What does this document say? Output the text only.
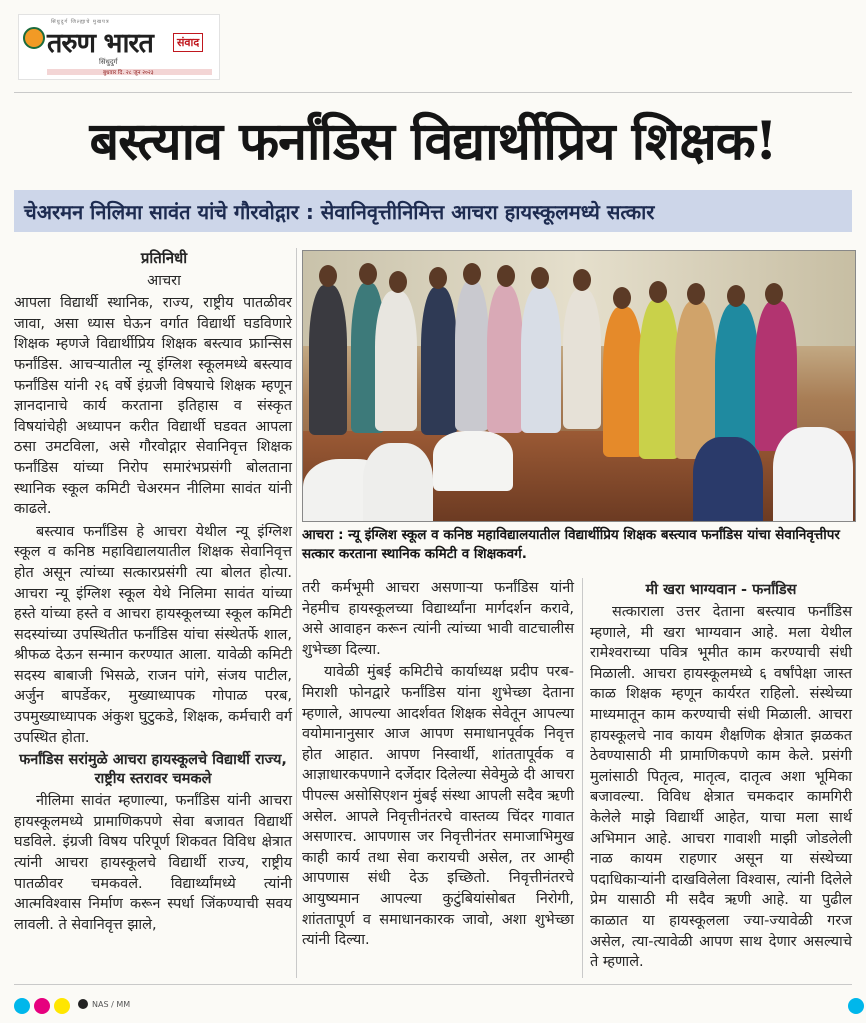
सिंधुदुर्ग जिल्ह्याचे मुखपत्र
तरुण भारत	संवाद
सिंधुदुर्ग
बुधवार दि. २८ जून २०२३
बस्त्याव फर्नांडिस विद्यार्थीप्रिय शिक्षक!
चेअरमन निलिमा सावंत यांचे गौरवोद्गार : सेवानिवृत्तीनिमित्त आचरा हायस्कूलमध्ये सत्कार

प्रतिनिधी

आचरा

आपला विद्यार्थी स्थानिक, राज्य, राष्ट्रीय पातळीवर जावा, असा ध्यास घेऊन वर्गात विद्यार्थी घडविणारे शिक्षक म्हणजे विद्यार्थीप्रिय शिक्षक बस्त्याव फ्रान्सिस फर्नांडिस. आचऱ्यातील न्यू इंग्लिश स्कूलमध्ये बस्त्याव फर्नांडिस यांनी २६ वर्षे इंग्रजी विषयाचे शिक्षक म्हणून ज्ञानदानाचे कार्य करताना इतिहास व संस्कृत विषयांचेही अध्यापन करीत विद्यार्थी घडवत आपला ठसा उमटविला, असे गौरवोद्गार सेवानिवृत्त शिक्षक फर्नांडिस यांच्या निरोप समारंभप्रसंगी बोलताना स्थानिक स्कूल कमिटी चेअरमन नीलिमा सावंत यांनी काढले.

बस्त्याव फर्नांडिस हे आचरा येथील न्यू इंग्लिश स्कूल व कनिष्ठ महाविद्यालयातील शिक्षक सेवानिवृत्त होत असून त्यांच्या सत्कारप्रसंगी त्या बोलत होत्या. आचरा न्यू इंग्लिश स्कूल येथे निलिमा सावंत यांच्या हस्ते यांच्या हस्ते व आचरा हायस्कूलच्या स्कूल कमिटी सदस्यांच्या उपस्थितीत फर्नांडिस यांचा संस्थेतर्फे शाल, श्रीफळ देऊन सन्मान करण्यात आला. यावेळी कमिटी सदस्य बाबाजी भिसळे, राजन पांगे, संजय पाटील, अर्जुन बापर्डेकर, मुख्याध्यापक गोपाळ परब, उपमुख्याध्यापक अंकुश घुटुकडे, शिक्षक, कर्मचारी वर्ग उपस्थित होता.

फर्नांडिस सरांमुळे आचरा हायस्कूलचे विद्यार्थी राज्य, राष्ट्रीय स्तरावर चमकले

नीलिमा सावंत म्हणाल्या, फर्नांडिस यांनी आचरा हायस्कूलमध्ये प्रामाणिकपणे सेवा बजावत विद्यार्थी घडविले. इंग्रजी विषय परिपूर्ण शिकवत विविध क्षेत्रात त्यांनी आचरा हायस्कूलचे विद्यार्थी राज्य, राष्ट्रीय पातळीवर चमकवले. विद्यार्थ्यांमध्ये त्यांनी आत्मविश्वास निर्माण करून स्पर्धा जिंकण्याची सवय लावली. ते सेवानिवृत्त झाले,

आचरा : न्यू इंग्लिश स्कूल व कनिष्ठ महाविद्यालयातील विद्यार्थीप्रिय शिक्षक बस्त्याव फर्नांडिस यांचा सेवानिवृत्तीपर सत्कार करताना स्थानिक कमिटी व शिक्षकवर्ग.

तरी कर्मभूमी आचरा असणाऱ्या फर्नांडिस यांनी नेहमीच हायस्कूलच्या विद्यार्थ्यांना मार्गदर्शन करावे, असे आवाहन करून त्यांनी त्यांच्या भावी वाटचालीस शुभेच्छा दिल्या.

यावेळी मुंबई कमिटीचे कार्याध्यक्ष प्रदीप परब-मिराशी फोनद्वारे फर्नांडिस यांना शुभेच्छा देताना म्हणाले, आपल्या आदर्शवत शिक्षक सेवेतून आपल्या वयोमानानुसार आज आपण समाधानपूर्वक निवृत्त होत आहात. आपण निस्वार्थी, शांततापूर्वक व आज्ञाधारकपणाने दर्जेदार दिलेल्या सेवेमुळे दी आचरा पीपल्स असोसिएशन मुंबई संस्था आपली सदैव ऋणी असेल. आपले निवृत्तीनंतरचे वास्तव्य चिंदर गावात असणारच. आपणास जर निवृत्तीनंतर समाजाभिमुख काही कार्य तथा सेवा करायची असेल, तर आम्ही आपणास संधी देऊ इच्छितो. निवृत्तीनंतरचे आयुष्यमान आपल्या कुटुंबियांसोबत निरोगी, शांततापूर्ण व समाधानकारक जावो, अशा शुभेच्छा त्यांनी दिल्या.

मी खरा भाग्यवान - फर्नांडिस

सत्काराला उत्तर देताना बस्त्याव फर्नांडिस म्हणाले, मी खरा भाग्यवान आहे. मला येथील रामेश्वराच्या पवित्र भूमीत काम करण्याची संधी मिळाली. आचरा हायस्कूलमध्ये ६ वर्षांपेक्षा जास्त काळ शिक्षक म्हणून कार्यरत राहिलो. संस्थेच्या माध्यमातून काम करण्याची संधी मिळाली. आचरा हायस्कूलचे नाव कायम शैक्षणिक क्षेत्रात झळकत ठेवण्यासाठी मी प्रामाणिकपणे काम केले. प्रसंगी मुलांसाठी पितृत्व, मातृत्व, दातृत्व अशा भूमिका बजावल्या. विविध क्षेत्रात चमकदार कामगिरी केलेले माझे विद्यार्थी आहेत, याचा मला सार्थ अभिमान आहे. आचरा गावाशी माझी जोडलेली नाळ कायम राहणार असून या संस्थेच्या पदाधिकाऱ्यांनी दाखविलेला विश्वास, त्यांनी दिलेले प्रेम यासाठी मी सदैव ऋणी आहे. या पुढील काळात या हायस्कूलला ज्या-ज्यावेळी गरज असेल, त्या-त्यावेळी आपण साथ देणार असल्याचे ते म्हणाले.

NAS / MM
